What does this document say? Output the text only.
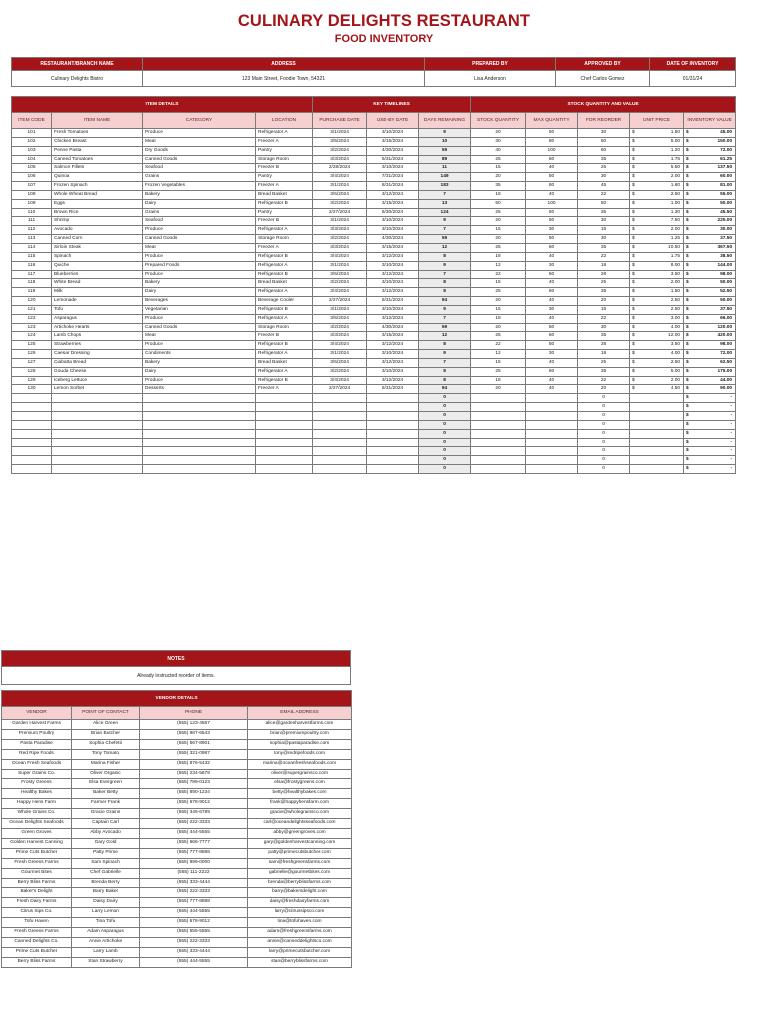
CULINARY DELIGHTS RESTAURANT
FOOD INVENTORY
RESTAURANT/BRANCH NAME	ADDRESS	PREPARED BY	APPROVED BY	DATE OF INVENTORY
Culinary Delights Bistro	123 Main Street, Foodie Town, 54321	Lisa Anderson	Chef Carlos Gomez	01/31/24
ITEM DETAILS				KEY TIMELINES			STOCK QUANTITY AND VALUE				
ITEM CODE	ITEM NAME	CATEGORY	LOCATION	PURCHASE DATE	USE-BY DATE	DAYS REMAINING	STOCK QUANTITY	MAX QUANTITY	FOR REORDER	UNIT PRICE	INVENTORY VALUE
101	Fresh Tomatoes	Produce	Refrigerator A	3/1/2024	3/10/2024	9	20	50	30	$ 1.50	$ 45.00
102	Chicken Breast	Meat	Freezer A	3/5/2024	3/15/2024	10	30	80	50	$ 5.00	$ 150.00
103	Penne Pasta	Dry Goods	Pantry	3/2/2024	4/30/2024	59	40	100	60	$ 1.20	$ 72.00
104	Canned Tomatoes	Canned Goods	Storage Room	3/3/2024	5/31/2024	89	25	60	35	$ 1.75	$ 61.25
105	Salmon Fillets	Seafood	Freezer B	2/28/2024	3/10/2024	11	15	40	25	$ 5.50	$ 137.50
106	Quinoa	Grains	Pantry	3/4/2024	7/31/2024	149	20	50	30	$ 2.00	$ 60.00
107	Frozen Spinach	Frozen Vegetables	Freezer A	3/1/2024	8/31/2024	183	35	80	45	$ 1.80	$ 81.00
108	Whole Wheat Bread	Bakery	Bread Basket	3/5/2024	3/12/2024	7	18	40	22	$ 2.50	$ 55.00
109	Eggs	Dairy	Refrigerator B	3/2/2024	3/15/2024	13	50	100	50	$ 1.00	$ 50.00
110	Brown Rice	Grains	Pantry	2/27/2024	6/30/2024	124	25	60	35	$ 1.30	$ 45.50
111	Shrimp	Seafood	Freezer B	3/1/2024	3/10/2024	9	20	50	30	$ 7.50	$ 225.00
112	Avocado	Produce	Refrigerator A	3/3/2024	3/10/2024	7	15	30	15	$ 2.00	$ 30.00
113	Canned Corn	Canned Goods	Storage Room	3/2/2024	4/30/2024	59	20	50	30	$ 1.25	$ 37.50
114	Sirloin Steak	Meat	Freezer A	3/3/2024	3/15/2024	12	25	60	35	$ 10.50	$ 367.50
115	Spinach	Produce	Refrigerator B	3/4/2024	3/12/2024	8	18	40	22	$ 1.75	$ 38.50
116	Quiche	Prepared Foods	Refrigerator A	3/1/2024	3/10/2024	9	12	30	18	$ 8.00	$ 144.00
117	Blueberries	Produce	Refrigerator B	3/5/2024	3/12/2024	7	22	50	28	$ 3.50	$ 98.00
118	White Bread	Bakery	Bread Basket	3/2/2024	3/10/2024	8	15	40	25	$ 2.00	$ 50.00
119	Milk	Dairy	Refrigerator A	3/4/2024	3/12/2024	8	25	60	35	$ 1.50	$ 52.50
120	Lemonade	Beverages	Beverage Cooler	2/27/2024	5/31/2024	94	20	40	20	$ 2.50	$ 50.00
121	Tofu	Vegetarian	Refrigerator B	3/1/2024	3/10/2024	9	15	30	15	$ 2.50	$ 37.50
122	Asparagus	Produce	Refrigerator A	3/5/2024	3/12/2024	7	18	40	22	$ 3.00	$ 66.00
123	Artichoke Hearts	Canned Goods	Storage Room	3/2/2024	4/30/2024	59	20	50	30	$ 4.00	$ 120.00
124	Lamb Chops	Meat	Freezer B	3/3/2024	3/15/2024	12	25	60	35	$ 12.00	$ 420.00
125	Strawberries	Produce	Refrigerator B	3/4/2024	3/12/2024	8	22	50	28	$ 3.50	$ 98.00
126	Caesar Dressing	Condiments	Refrigerator A	3/1/2024	3/10/2024	9	12	30	18	$ 4.00	$ 72.00
127	Ciabatta Bread	Bakery	Bread Basket	3/5/2024	3/12/2024	7	15	40	25	$ 2.50	$ 62.50
128	Gouda Cheese	Dairy	Refrigerator A	3/2/2024	3/10/2024	8	25	60	35	$ 5.00	$ 175.00
129	Iceberg Lettuce	Produce	Refrigerator B	3/4/2024	3/12/2024	8	18	40	22	$ 2.00	$ 44.00
130	Lemon Sorbet	Desserts	Freezer A	2/27/2024	5/31/2024	94	20	40	20	$ 4.50	$ 90.00
						0			0		$ -
						0			0		$ -
						0			0		$ -
						0			0		$ -
						0			0		$ -
						0			0		$ -
						0			0		$ -
						0			0		$ -
						0			0		$ -
NOTES
Already instructed reorder of items.
VENDOR DETAILS			
VENDOR	POINT OF CONTACT	PHONE	EMAIL ADDRESS
Garden Harvest Farms	Alice Green	(555) 123-4567	alice@gardenharvestfarms.com
Premium Poultry	Brian Butcher	(555) 987-6543	brian@premiumpoultry.com
Pasta Paradise	Sophia Chefetti	(555) 567-8901	sophia@pastaparadise.com
Red Ripe Foods	Tony Tomato	(555) 321-0987	tony@redripefoods.com
Ocean Fresh Seafoods	Marina Fisher	(555) 876-5432	marina@oceanfreshseafoods.com
Super Grains Co.	Oliver Organic	(555) 234-5678	oliver@supergrainsco.com
Frosty Greens	Elsa Evergreen	(555) 789-0123	elsa@frostygreens.com
Healthy Bakes	Baker Betty	(555) 890-1234	betty@healthybakes.com
Happy Hens Farm	Farmer Frank	(555) 678-9012	frank@happyhensfarm.com
Whole Grains Co.	Gracie Grains	(555) 345-6789	gracie@wholegrainsco.com
Ocean Delights Seafoods	Captain Carl	(555) 222-3333	carl@oceandelightsseafoods.com
Green Groves	Abby Avocado	(555) 444-5555	abby@greengroves.com
Golden Harvest Canning	Gary Gold	(555) 666-7777	gary@goldenharvestcanning.com
Prime Cuts Butcher	Patty Prime	(555) 777-8888	patty@primecutsbutcher.com
Fresh Greens Farms	Sam Spinach	(555) 999-0000	sam@freshgreensfarms.com
Gourmet Bites	Chef Gabrielle	(555) 111-2222	gabrielle@gourmetbites.com
Berry Bliss Farms	Brenda Berry	(555) 333-4444	brenda@berryblissfarms.com
Baker's Delight	Barry Baker	(555) 222-3333	barry@bakersdelight.com
Fresh Dairy Farms	Daisy Dairy	(555) 777-8888	daisy@freshdairyfarms.com
Citrus Sips Co.	Larry Lemon	(555) 444-5555	larry@citrussipsco.com
Tofu Haven	Tina Tofu	(555) 678-9012	tina@tofuhaven.com
Fresh Greens Farms	Adam Asparagus	(555) 555-5555	adam@freshgreensfarms.com
Canned Delights Co.	Annie Artichoke	(555) 222-3333	annie@canneddelightsco.com
Prime Cuts Butcher	Larry Lamb	(555) 333-4444	larry@primecutsbutcher.com
Berry Bliss Farms	Stan Strawberry	(555) 444-5555	stan@berryblissfarms.com
